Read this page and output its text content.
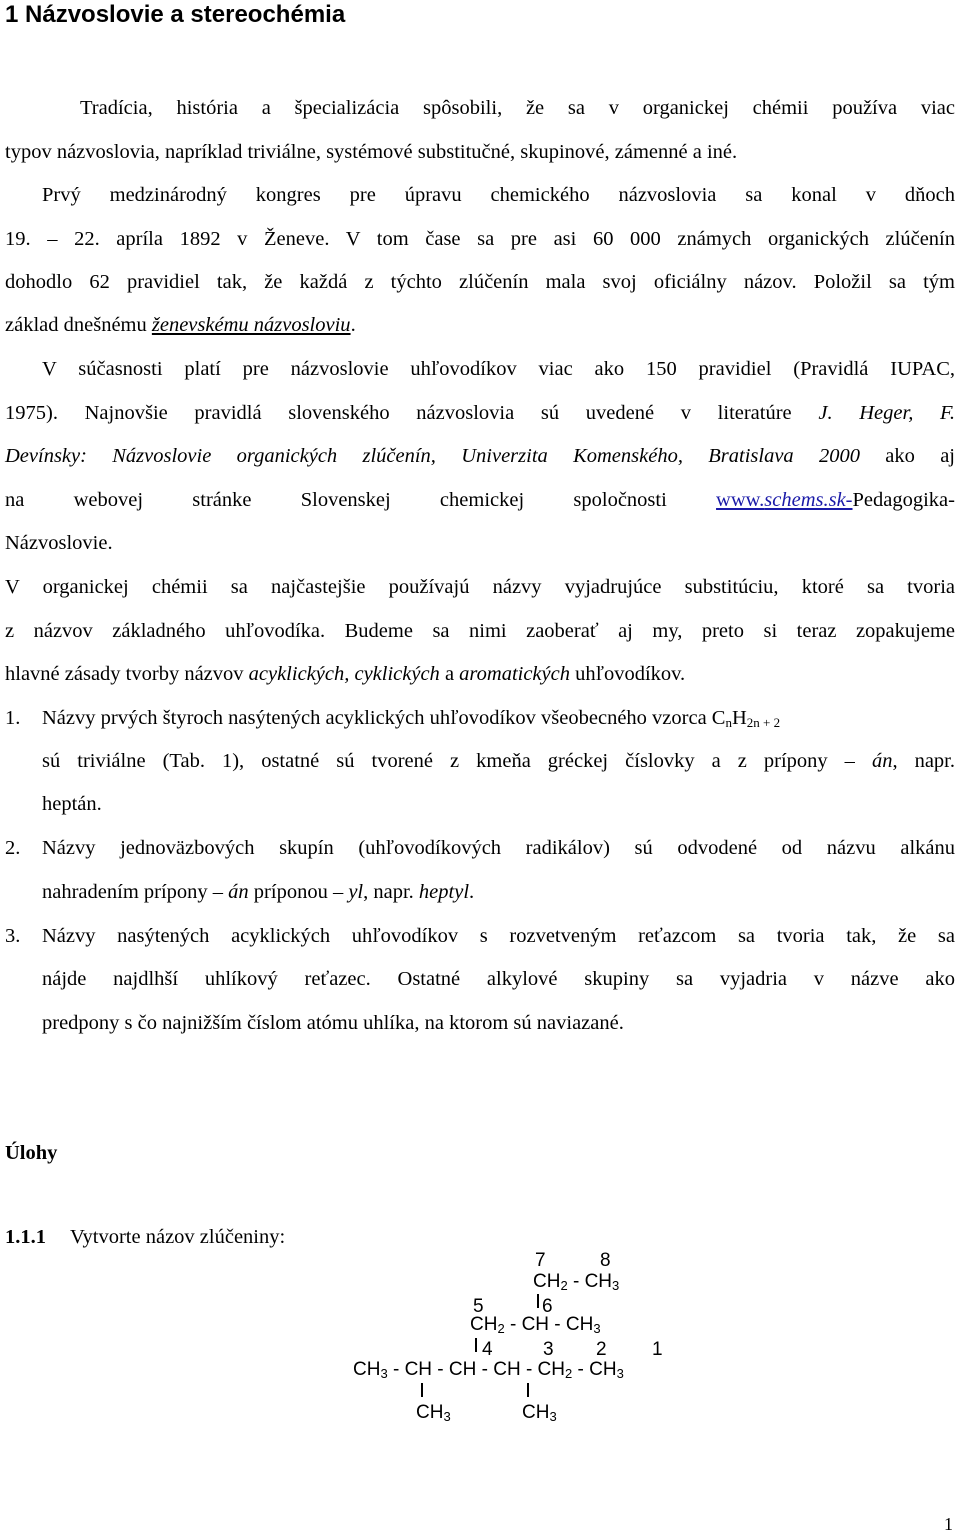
1 Názvoslovie a stereochémia
Tradícia, história a špecializácia spôsobili, že sa v organickej chémii používa viac
typov názvoslovia, napríklad triviálne, systémové substitučné, skupinové, zámenné a iné.
Prvý medzinárodný kongres pre úpravu chemického názvoslovia sa konal v dňoch
19. – 22. apríla 1892 v Ženeve. V tom čase sa pre asi 60 000 známych organických zlúčenín
dohodlo 62 pravidiel tak, že každá z týchto zlúčenín mala svoj oficiálny názov. Položil sa tým
základ dnešnému ženevskému názvosloviu.
V súčasnosti platí pre názvoslovie uhľovodíkov viac ako 150 pravidiel (Pravidlá IUPAC,
1975). Najnovšie pravidlá slovenského názvoslovia sú uvedené v literatúre J. Heger, F.
Devínsky: Názvoslovie organických zlúčenín, Univerzita Komenského, Bratislava 2000 ako aj
na webovej stránke Slovenskej chemickej spoločnosti www.schems.sk-Pedagogika-
Názvoslovie.
V organickej chémii sa najčastejšie používajú názvy vyjadrujúce substitúciu, ktoré sa tvoria
z názvov základného uhľovodíka. Budeme sa nimi zaoberať aj my, preto si teraz zopakujeme
hlavné zásady tvorby názvov acyklických, cyklických a aromatických uhľovodíkov.
1. Názvy prvých štyroch nasýtených acyklických uhľovodíkov všeobecného vzorca $C_nH_{2n + 2}$
sú triviálne (Tab. 1), ostatné sú tvorené z kmeňa gréckej číslovky a z prípony – án, napr.
heptán.
2. Názvy jednoväzbových skupín (uhľovodíkových radikálov) sú odvodené od názvu alkánu
nahradením prípony – án príponou – yl, napr. heptyl.
3. Názvy nasýtených acyklických uhľovodíkov s rozvetveným reťazcom sa tvoria tak, že sa
nájde najdlhší uhlíkový reťazec. Ostatné alkylové skupiny sa vyjadria v názve ako
predpony s čo najnižším číslom atómu uhlíka, na ktorom sú naviazané.
Úlohy
1.1.1 Vytvorte názov zlúčeniny:
7	8
$CH_2 - CH_3$
5	6
$CH_2$ - CH - $CH_3$
4	3 2 1
$CH_3$ - CH - CH - CH - $CH_2 - CH_3$
$CH_3$	$CH_3$
1
